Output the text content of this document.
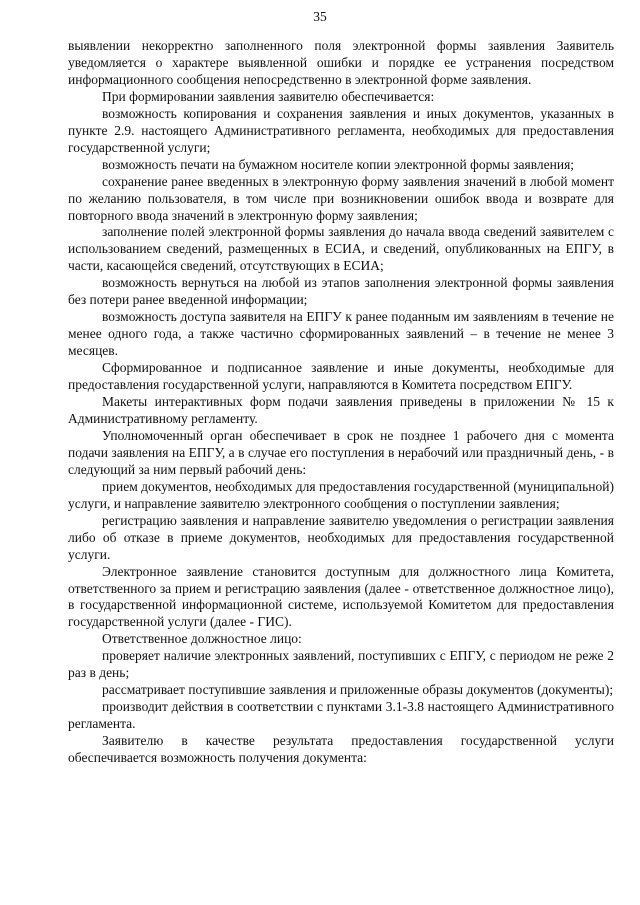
35

выявлении некорректно заполненного поля электронной формы заявления Заявитель уведомляется о характере выявленной ошибки и порядке ее устранения посредством информационного сообщения непосредственно в электронной форме заявления.

При формировании заявления заявителю обеспечивается:

возможность копирования и сохранения заявления и иных документов, указанных в пункте 2.9. настоящего Административного регламента, необходимых для предоставления государственной услуги;

возможность печати на бумажном носителе копии электронной формы заявления;

сохранение ранее введенных в электронную форму заявления значений в любой момент по желанию пользователя, в том числе при возникновении ошибок ввода и возврате для повторного ввода значений в электронную форму заявления;

заполнение полей электронной формы заявления до начала ввода сведений заявителем с использованием сведений, размещенных в ЕСИА, и сведений, опубликованных на ЕПГУ, в части, касающейся сведений, отсутствующих в ЕСИА;

возможность вернуться на любой из этапов заполнения электронной формы заявления без потери ранее введенной информации;

возможность доступа заявителя на ЕПГУ к ранее поданным им заявлениям в течение не менее одного года, а также частично сформированных заявлений – в течение не менее 3 месяцев.

Сформированное и подписанное заявление и иные документы, необходимые для предоставления государственной услуги, направляются в Комитета посредством ЕПГУ.

Макеты интерактивных форм подачи заявления приведены в приложении № 15 к Административному регламенту.

Уполномоченный орган обеспечивает в срок не позднее 1 рабочего дня с момента подачи заявления на ЕПГУ, а в случае его поступления в нерабочий или праздничный день, - в следующий за ним первый рабочий день:

прием документов, необходимых для предоставления государственной (муниципальной) услуги, и направление заявителю электронного сообщения о поступлении заявления;

регистрацию заявления и направление заявителю уведомления о регистрации заявления либо об отказе в приеме документов, необходимых для предоставления государственной услуги.

Электронное заявление становится доступным для должностного лица Комитета, ответственного за прием и регистрацию заявления (далее - ответственное должностное лицо), в государственной информационной системе, используемой Комитетом для предоставления государственной услуги (далее - ГИС).

Ответственное должностное лицо:

проверяет наличие электронных заявлений, поступивших с ЕПГУ, с периодом не реже 2 раз в день;

рассматривает поступившие заявления и приложенные образы документов (документы);

производит действия в соответствии с пунктами 3.1-3.8 настоящего Административного регламента.

Заявителю в качестве результата предоставления государственной услуги обеспечивается возможность получения документа:
